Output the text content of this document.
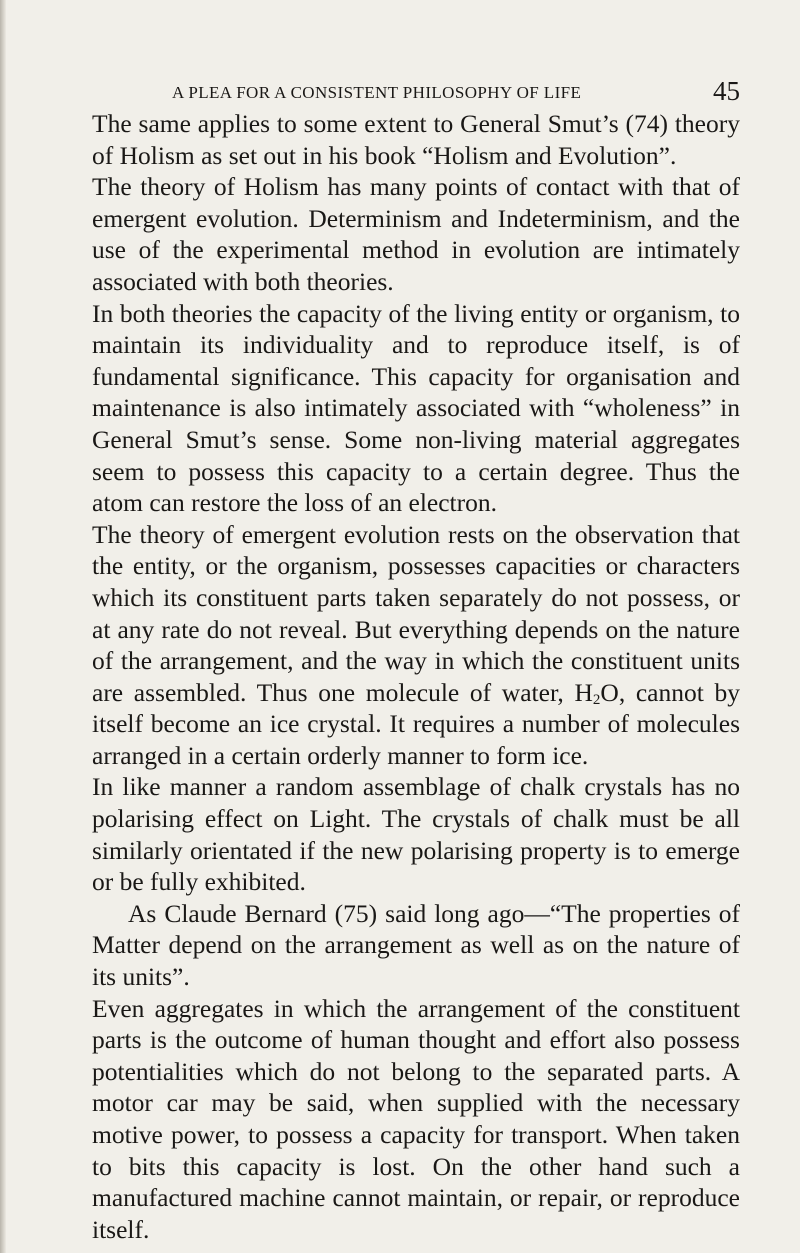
A PLEA FOR A CONSISTENT PHILOSOPHY OF LIFE	45

The same applies to some extent to General Smut’s (74) theory of Holism as set out in his book “Holism and Evolution”.

The theory of Holism has many points of contact with that of emergent evolution. Determinism and Indeterminism, and the use of the experimental method in evolution are intimately associated with both theories.

In both theories the capacity of the living entity or organism, to maintain its individuality and to reproduce itself, is of fundamental significance. This capacity for organisation and maintenance is also intimately associated with “wholeness” in General Smut’s sense. Some non-living material aggregates seem to possess this capacity to a certain degree. Thus the atom can restore the loss of an electron.

The theory of emergent evolution rests on the observation that the entity, or the organism, possesses capacities or characters which its constituent parts taken separately do not possess, or at any rate do not reveal. But everything depends on the nature of the arrangement, and the way in which the constituent units are assembled. Thus one molecule of water, $H_2O$, cannot by itself become an ice crystal. It requires a number of molecules arranged in a certain orderly manner to form ice.

In like manner a random assemblage of chalk crystals has no polarising effect on Light. The crystals of chalk must be all similarly orientated if the new polarising property is to emerge or be fully exhibited.

As Claude Bernard (75) said long ago—“The properties of Matter depend on the arrangement as well as on the nature of its units”.

Even aggregates in which the arrangement of the constituent parts is the outcome of human thought and effort also possess potentialities which do not belong to the separated parts. A motor car may be said, when supplied with the necessary motive power, to possess a capacity for transport. When taken to bits this capacity is lost. On the other hand such a manufactured machine cannot maintain, or repair, or reproduce itself.
